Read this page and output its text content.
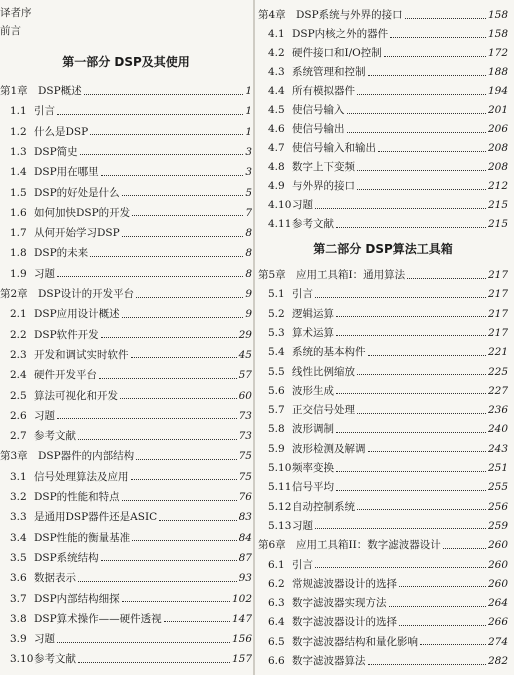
译者序
前言
第一部分 DSP及其使用
第1章 DSP概述	1
1.1 引言	1
1.2 什么是DSP	1
1.3 DSP简史	3
1.4 DSP用在哪里	3
1.5 DSP的好处是什么	5
1.6 如何加快DSP的开发	7
1.7 从何开始学习DSP	8
1.8 DSP的未来	8
1.9 习题	8
第2章 DSP设计的开发平台	9
2.1 DSP应用设计概述	9
2.2 DSP软件开发	29
2.3 开发和调试实时软件	45
2.4 硬件开发平台	57
2.5 算法可视化和开发	60
2.6 习题	73
2.7 参考文献	73
第3章 DSP器件的内部结构	75
3.1 信号处理算法及应用	75
3.2 DSP的性能和特点	76
3.3 是通用DSP器件还是ASIC	83
3.4 DSP性能的衡量基准	84
3.5 DSP系统结构	87
3.6 数据表示	93
3.7 DSP内部结构细探	102
3.8 DSP算术操作——硬件透视	147
3.9 习题	156
3.10 参考文献	157
第4章 DSP系统与外界的接口	158
4.1 DSP内核之外的器件	158
4.2 硬件接口和I/O控制	172
4.3 系统管理和控制	188
4.4 所有模拟器件	194
4.5 使信号输入	201
4.6 使信号输出	206
4.7 使信号输入和输出	208
4.8 数字上下变频	208
4.9 与外界的接口	212
4.10 习题	215
4.11 参考文献	215
第二部分 DSP算法工具箱
第5章 应用工具箱I：通用算法	217
5.1 引言	217
5.2 逻辑运算	217
5.3 算术运算	217
5.4 系统的基本构件	221
5.5 线性比例缩放	225
5.6 波形生成	227
5.7 正交信号处理	236
5.8 波形调制	240
5.9 波形检测及解调	243
5.10 频率变换	251
5.11 信号平均	255
5.12 自动控制系统	256
5.13 习题	259
第6章 应用工具箱II：数字滤波器设计	260
6.1 引言	260
6.2 常规滤波器设计的选择	260
6.3 数字滤波器实现方法	264
6.4 数字滤波器设计的选择	266
6.5 数字滤波器结构和量化影响	274
6.6 数字滤波器算法	282
